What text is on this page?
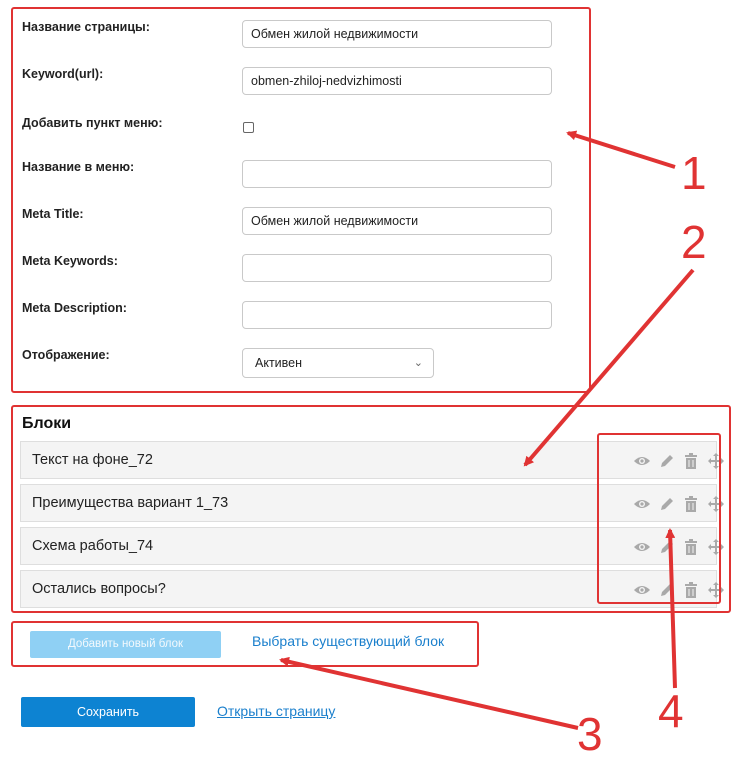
Название страницы:	Обмен жилой недвижимости
Keyword(url):	obmen-zhiloj-nedvizhimosti
Добавить пункт меню:
Название в меню:
Meta Title:	Обмен жилой недвижимости
Meta Keywords:
Meta Description:
Отображение:
Активен	⌄
Блоки
Текст на фоне_72
Преимущества вариант 1_73
Схема работы_74
Остались вопросы?
Добавить новый блок	Выбрать существующий блок
Сохранить	Открыть страницу
1
2
3 4
